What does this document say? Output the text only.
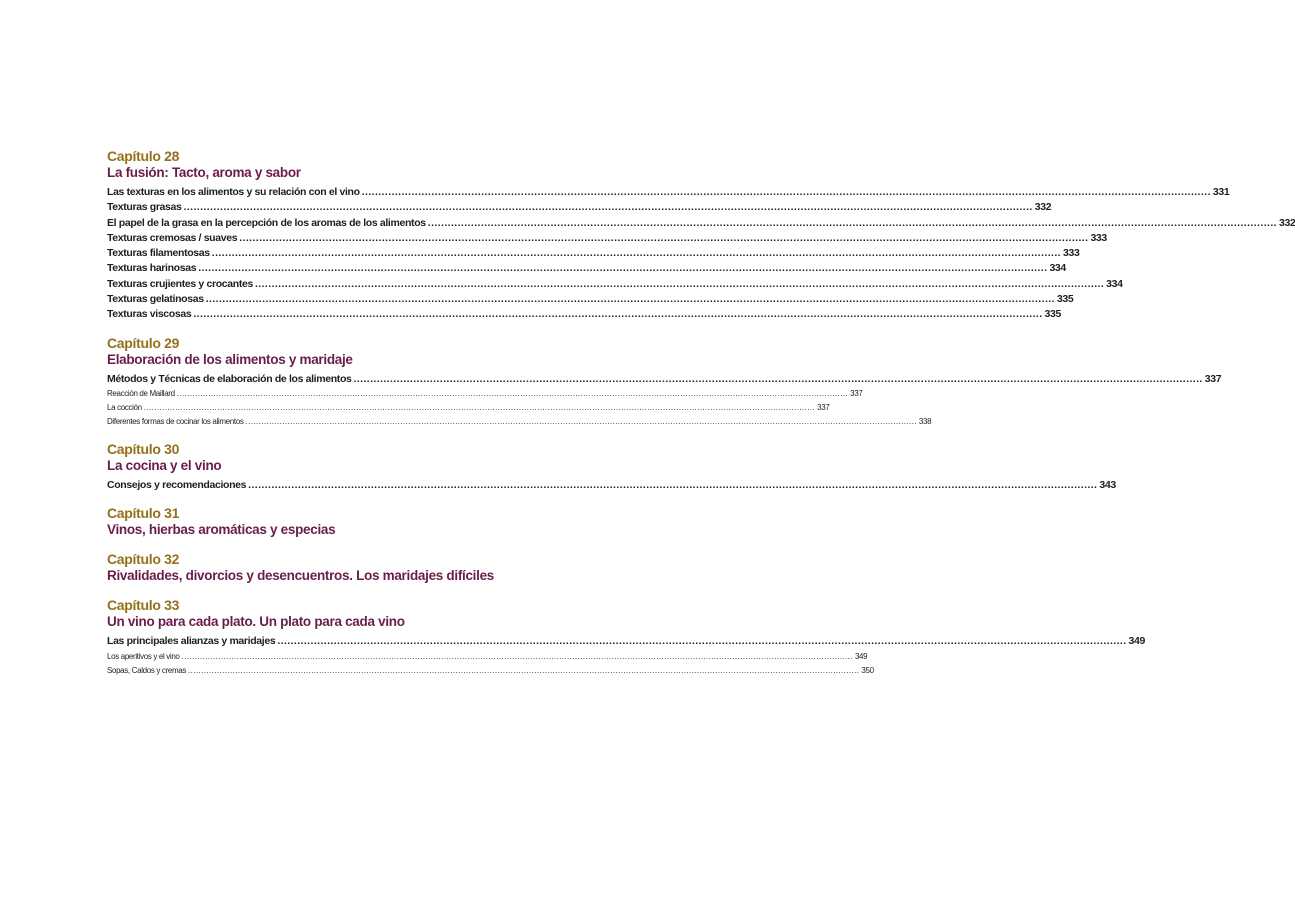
Capítulo 28
La fusión: Tacto, aroma y sabor
Las texturas en los alimentos y su relación con el vino .....	331
Texturas grasas .....	332
El papel de la grasa en la percepción de los aromas de los alimentos .....	332
Texturas cremosas / suaves .....	333
Texturas filamentosas .....	333
Texturas harinosas .....	334
Texturas crujientes y crocantes .....	334
Texturas gelatinosas .....	335
Texturas viscosas .....	335
Capítulo 29
Elaboración de los alimentos y maridaje
Métodos y Técnicas de elaboración de los alimentos .....	337
Reacción de Maillard .....	337
La cocción .....	337
Diferentes formas de cocinar los alimentos .....	338
Capítulo 30
La cocina y el vino
Consejos y recomendaciones .....	343
Capítulo 31
Vinos, hierbas aromáticas y especias
Capítulo 32
Rivalidades, divorcios y desencuentros. Los maridajes difíciles
Capítulo 33
Un vino para cada plato. Un plato para cada vino
Las principales alianzas y maridajes .....	349
Los aperitivos y el vino .....	349
Sopas, Caldos y cremas .....	350
